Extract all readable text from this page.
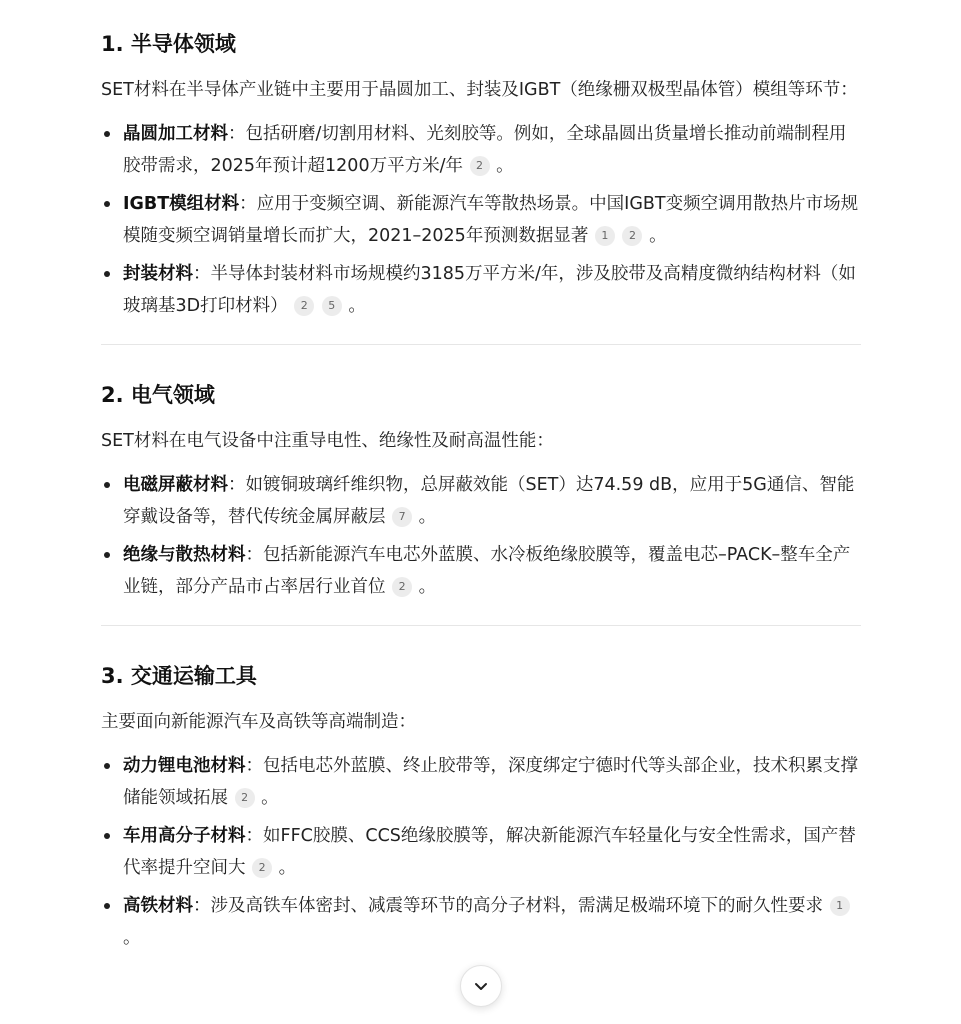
1. 半导体领域

SET材料在半导体产业链中主要用于晶圆加工、封装及IGBT（绝缘栅双极型晶体管）模组等环节：

晶圆加工材料：包括研磨/切割用材料、光刻胶等。例如，全球晶圆出货量增长推动前端制程用胶带需求，2025年预计超1200万平方米/年 2 。
IGBT模组材料：应用于变频空调、新能源汽车等散热场景。中国IGBT变频空调用散热片市场规模随变频空调销量增长而扩大，2021–2025年预测数据显著 1 2 。
封装材料：半导体封装材料市场规模约3185万平方米/年，涉及胶带及高精度微纳结构材料（如玻璃基3D打印材料） 2 5 。
2. 电气领域

SET材料在电气设备中注重导电性、绝缘性及耐高温性能：

电磁屏蔽材料：如镀铜玻璃纤维织物，总屏蔽效能（SET）达74.59 dB，应用于5G通信、智能穿戴设备等，替代传统金属屏蔽层 7 。
绝缘与散热材料：包括新能源汽车电芯外蓝膜、水冷板绝缘胶膜等，覆盖电芯–PACK–整车全产业链，部分产品市占率居行业首位 2 。
3. 交通运输工具

主要面向新能源汽车及高铁等高端制造：

动力锂电池材料：包括电芯外蓝膜、终止胶带等，深度绑定宁德时代等头部企业，技术积累支撑储能领域拓展 2 。
车用高分子材料：如FFC胶膜、CCS绝缘胶膜等，解决新能源汽车轻量化与安全性需求，国产替代率提升空间大 2 。
高铁材料：涉及高铁车体密封、减震等环节的高分子材料，需满足极端环境下的耐久性要求 1 。
